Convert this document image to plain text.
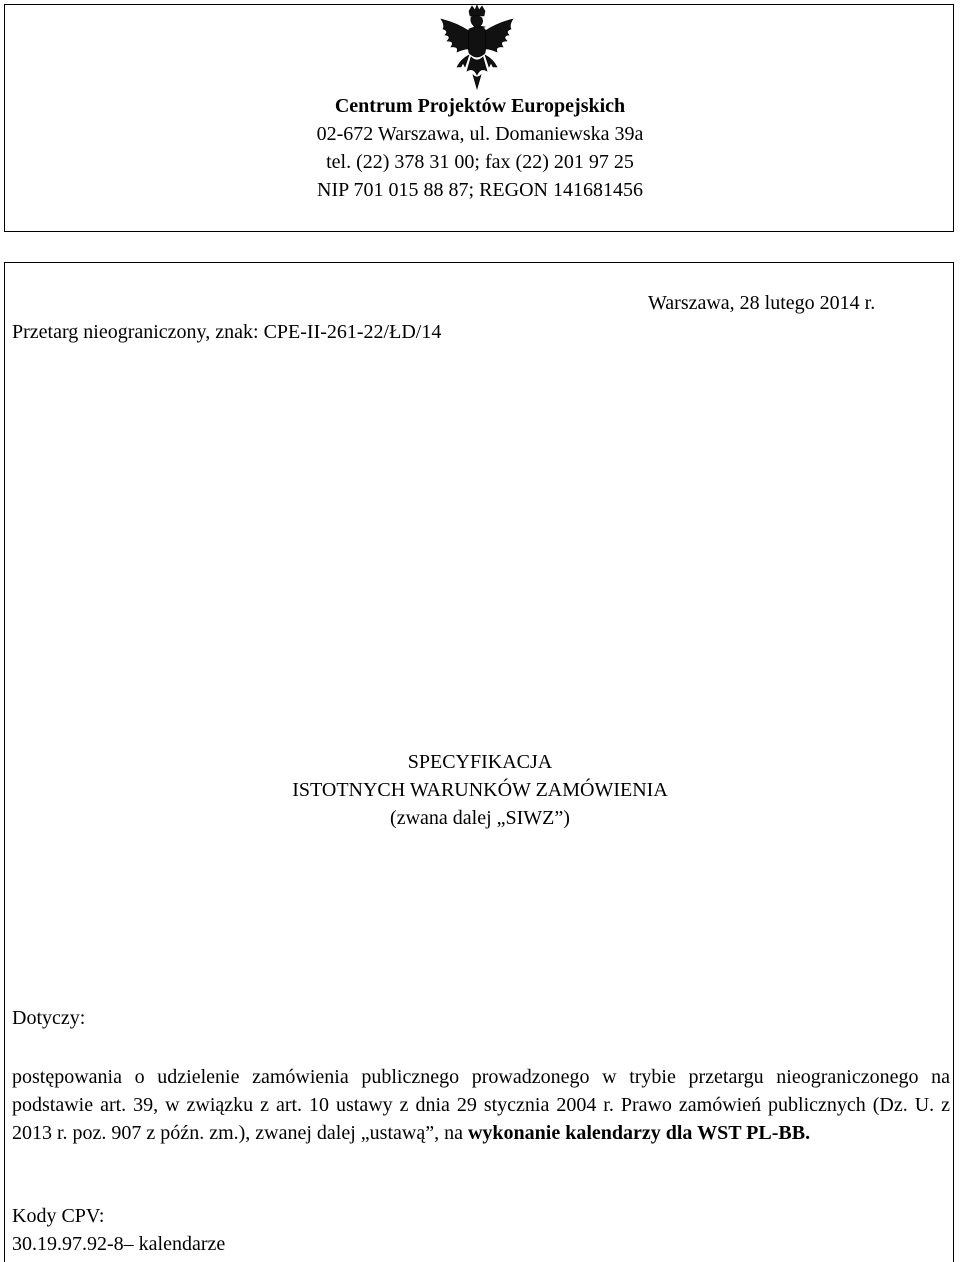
Centrum Projektów Europejskich
02-672 Warszawa, ul. Domaniewska 39a
tel. (22) 378 31 00; fax (22) 201 97 25
NIP 701 015 88 87; REGON 141681456
Warszawa, 28 lutego 2014 r.
Przetarg nieograniczony, znak: CPE-II-261-22/ŁD/14
SPECYFIKACJA
ISTOTNYCH WARUNKÓW ZAMÓWIENIA
(zwana dalej „SIWZ”)
Dotyczy:
postępowania o udzielenie zamówienia publicznego prowadzonego w trybie przetargu nieograniczonego na podstawie art. 39, w związku z art. 10 ustawy z dnia 29 stycznia 2004 r. Prawo zamówień publicznych (Dz. U. z 2013 r. poz. 907 z późn. zm.), zwanej dalej „ustawą”, na wykonanie kalendarzy dla WST PL-BB.
Kody CPV:
30.19.97.92-8– kalendarze
